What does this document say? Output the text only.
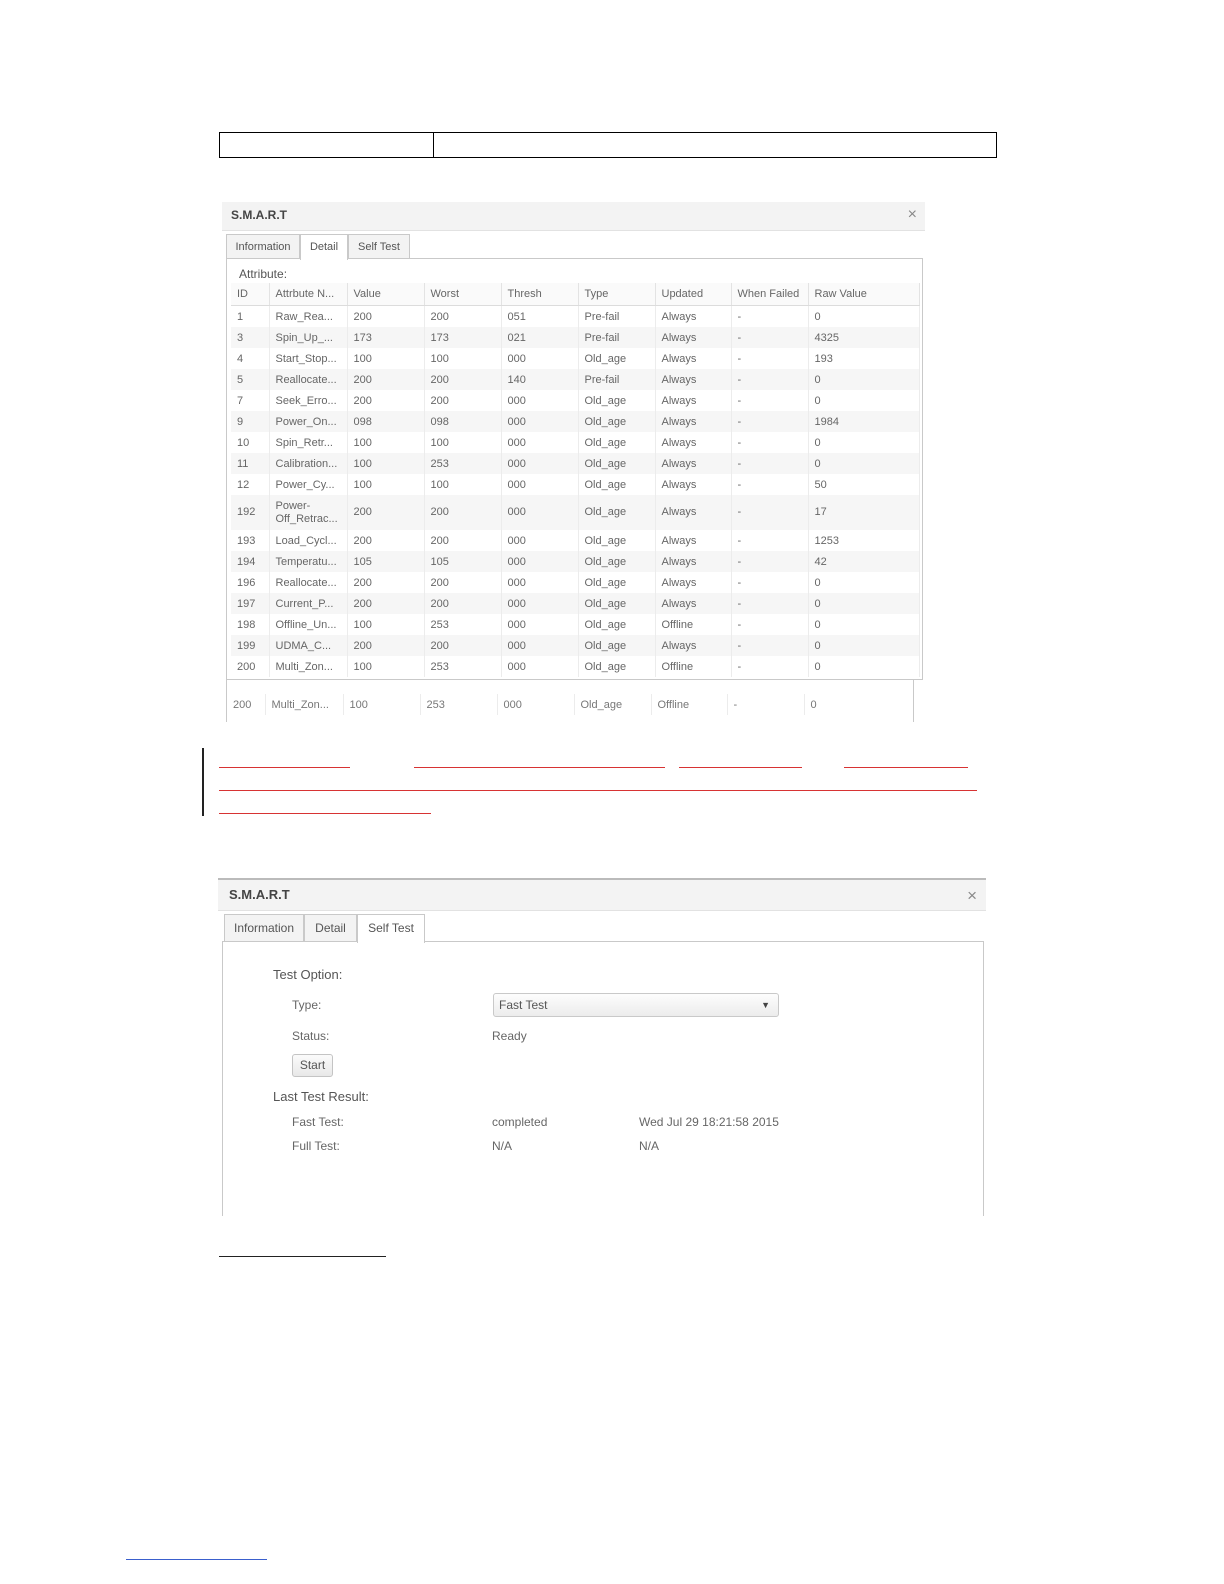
S.M.A.R.T	×
Information	Detail	Self Test
Attribute:
ID	Attrbute N...	Value	Worst	Thresh	Type	Updated	When Failed	Raw Value
1	Raw_Rea...	200	200	051	Pre-fail	Always	-	0
3	Spin_Up_...	173	173	021	Pre-fail	Always	-	4325
4	Start_Stop...	100	100	000	Old_age	Always	-	193
5	Reallocate...	200	200	140	Pre-fail	Always	-	0
7	Seek_Erro...	200	200	000	Old_age	Always	-	0
9	Power_On...	098	098	000	Old_age	Always	-	1984
10	Spin_Retr...	100	100	000	Old_age	Always	-	0
11	Calibration...	100	253	000	Old_age	Always	-	0
12	Power_Cy...	100	100	000	Old_age	Always	-	50
192	Power-Off_Retrac...	200	200	000	Old_age	Always	-	17
193	Load_Cycl...	200	200	000	Old_age	Always	-	1253
194	Temperatu...	105	105	000	Old_age	Always	-	42
196	Reallocate...	200	200	000	Old_age	Always	-	0
197	Current_P...	200	200	000	Old_age	Always	-	0
198	Offline_Un...	100	253	000	Old_age	Offline	-	0
199	UDMA_C...	200	200	000	Old_age	Always	-	0
200	Multi_Zon...	100	253	000	Old_age	Offline	-	0
200	Multi_Zon...	100	253	000	Old_age	Offline	-	0
S.M.A.R.T	×
Information	Detail	Self Test
Test Option:
Type:	Fast Test	▼
Status:	Ready
Start
Last Test Result:
Fast Test:	completed	Wed Jul 29 18:21:58 2015
Full Test:	N/A	N/A
